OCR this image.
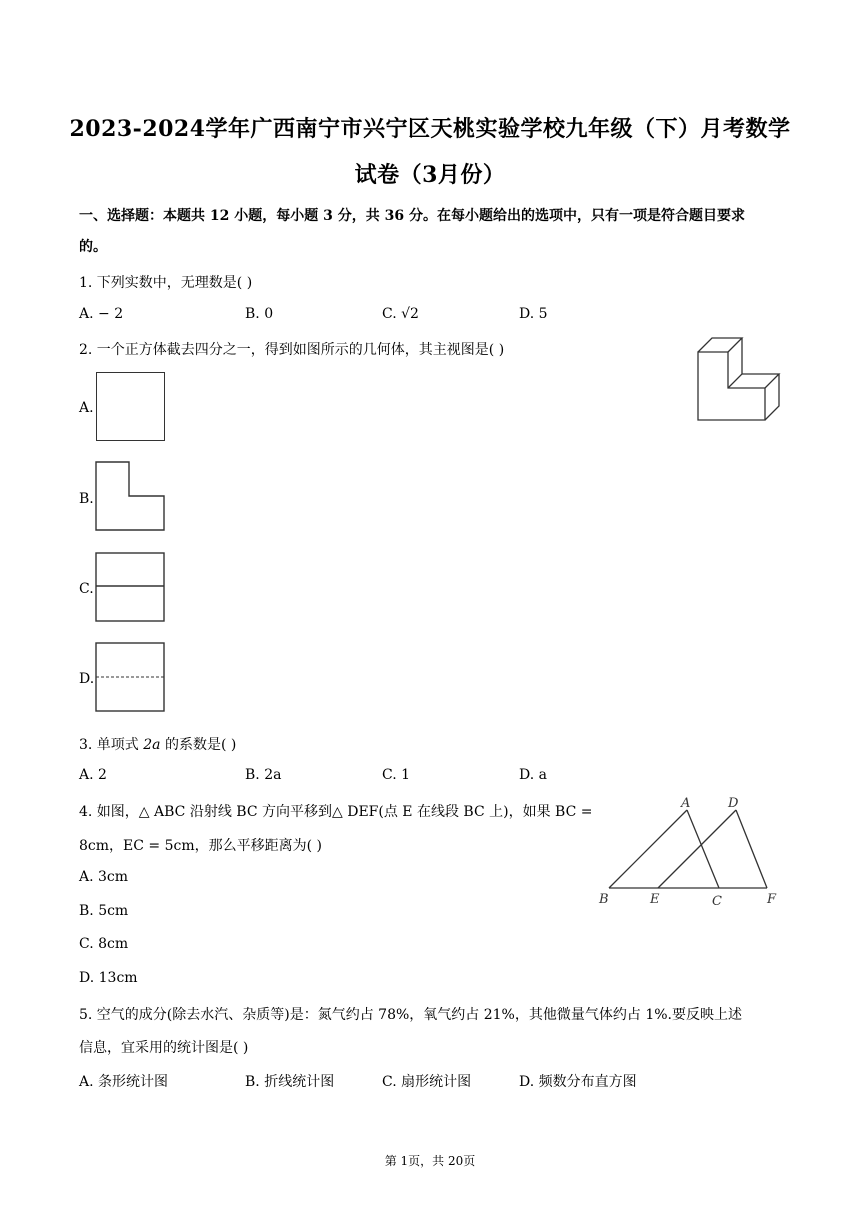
2023-2024学年广西南宁市兴宁区天桃实验学校九年级（下）月考数学
试卷（3月份）
一、选择题：本题共 12 小题，每小题 3 分，共 36 分。在每小题给出的选项中，只有一项是符合题目要求
的。
1. 下列实数中，无理数是( )
A. − 2	B. 0	C. √2	D. 5
2. 一个正方体截去四分之一，得到如图所示的几何体，其主视图是( )
A.
B.
C.
D.
3. 单项式 2a 的系数是( )
A. 2	B. 2a	C. 1	D. a
4. 如图，△ ABC 沿射线 BC 方向平移到△ DEF(点 E 在线段 BC 上)，如果 BC =
8cm，EC = 5cm，那么平移距离为( )
A. 3cm
B. 5cm
C. 8cm
D. 13cm
A	D
B	E	C	F
5. 空气的成分(除去水汽、杂质等)是：氮气约占 78%，氧气约占 21%，其他微量气体约占 1%.要反映上述
信息，宜采用的统计图是( )
A. 条形统计图	B. 折线统计图	C. 扇形统计图	D. 频数分布直方图
第 1页，共 20页
